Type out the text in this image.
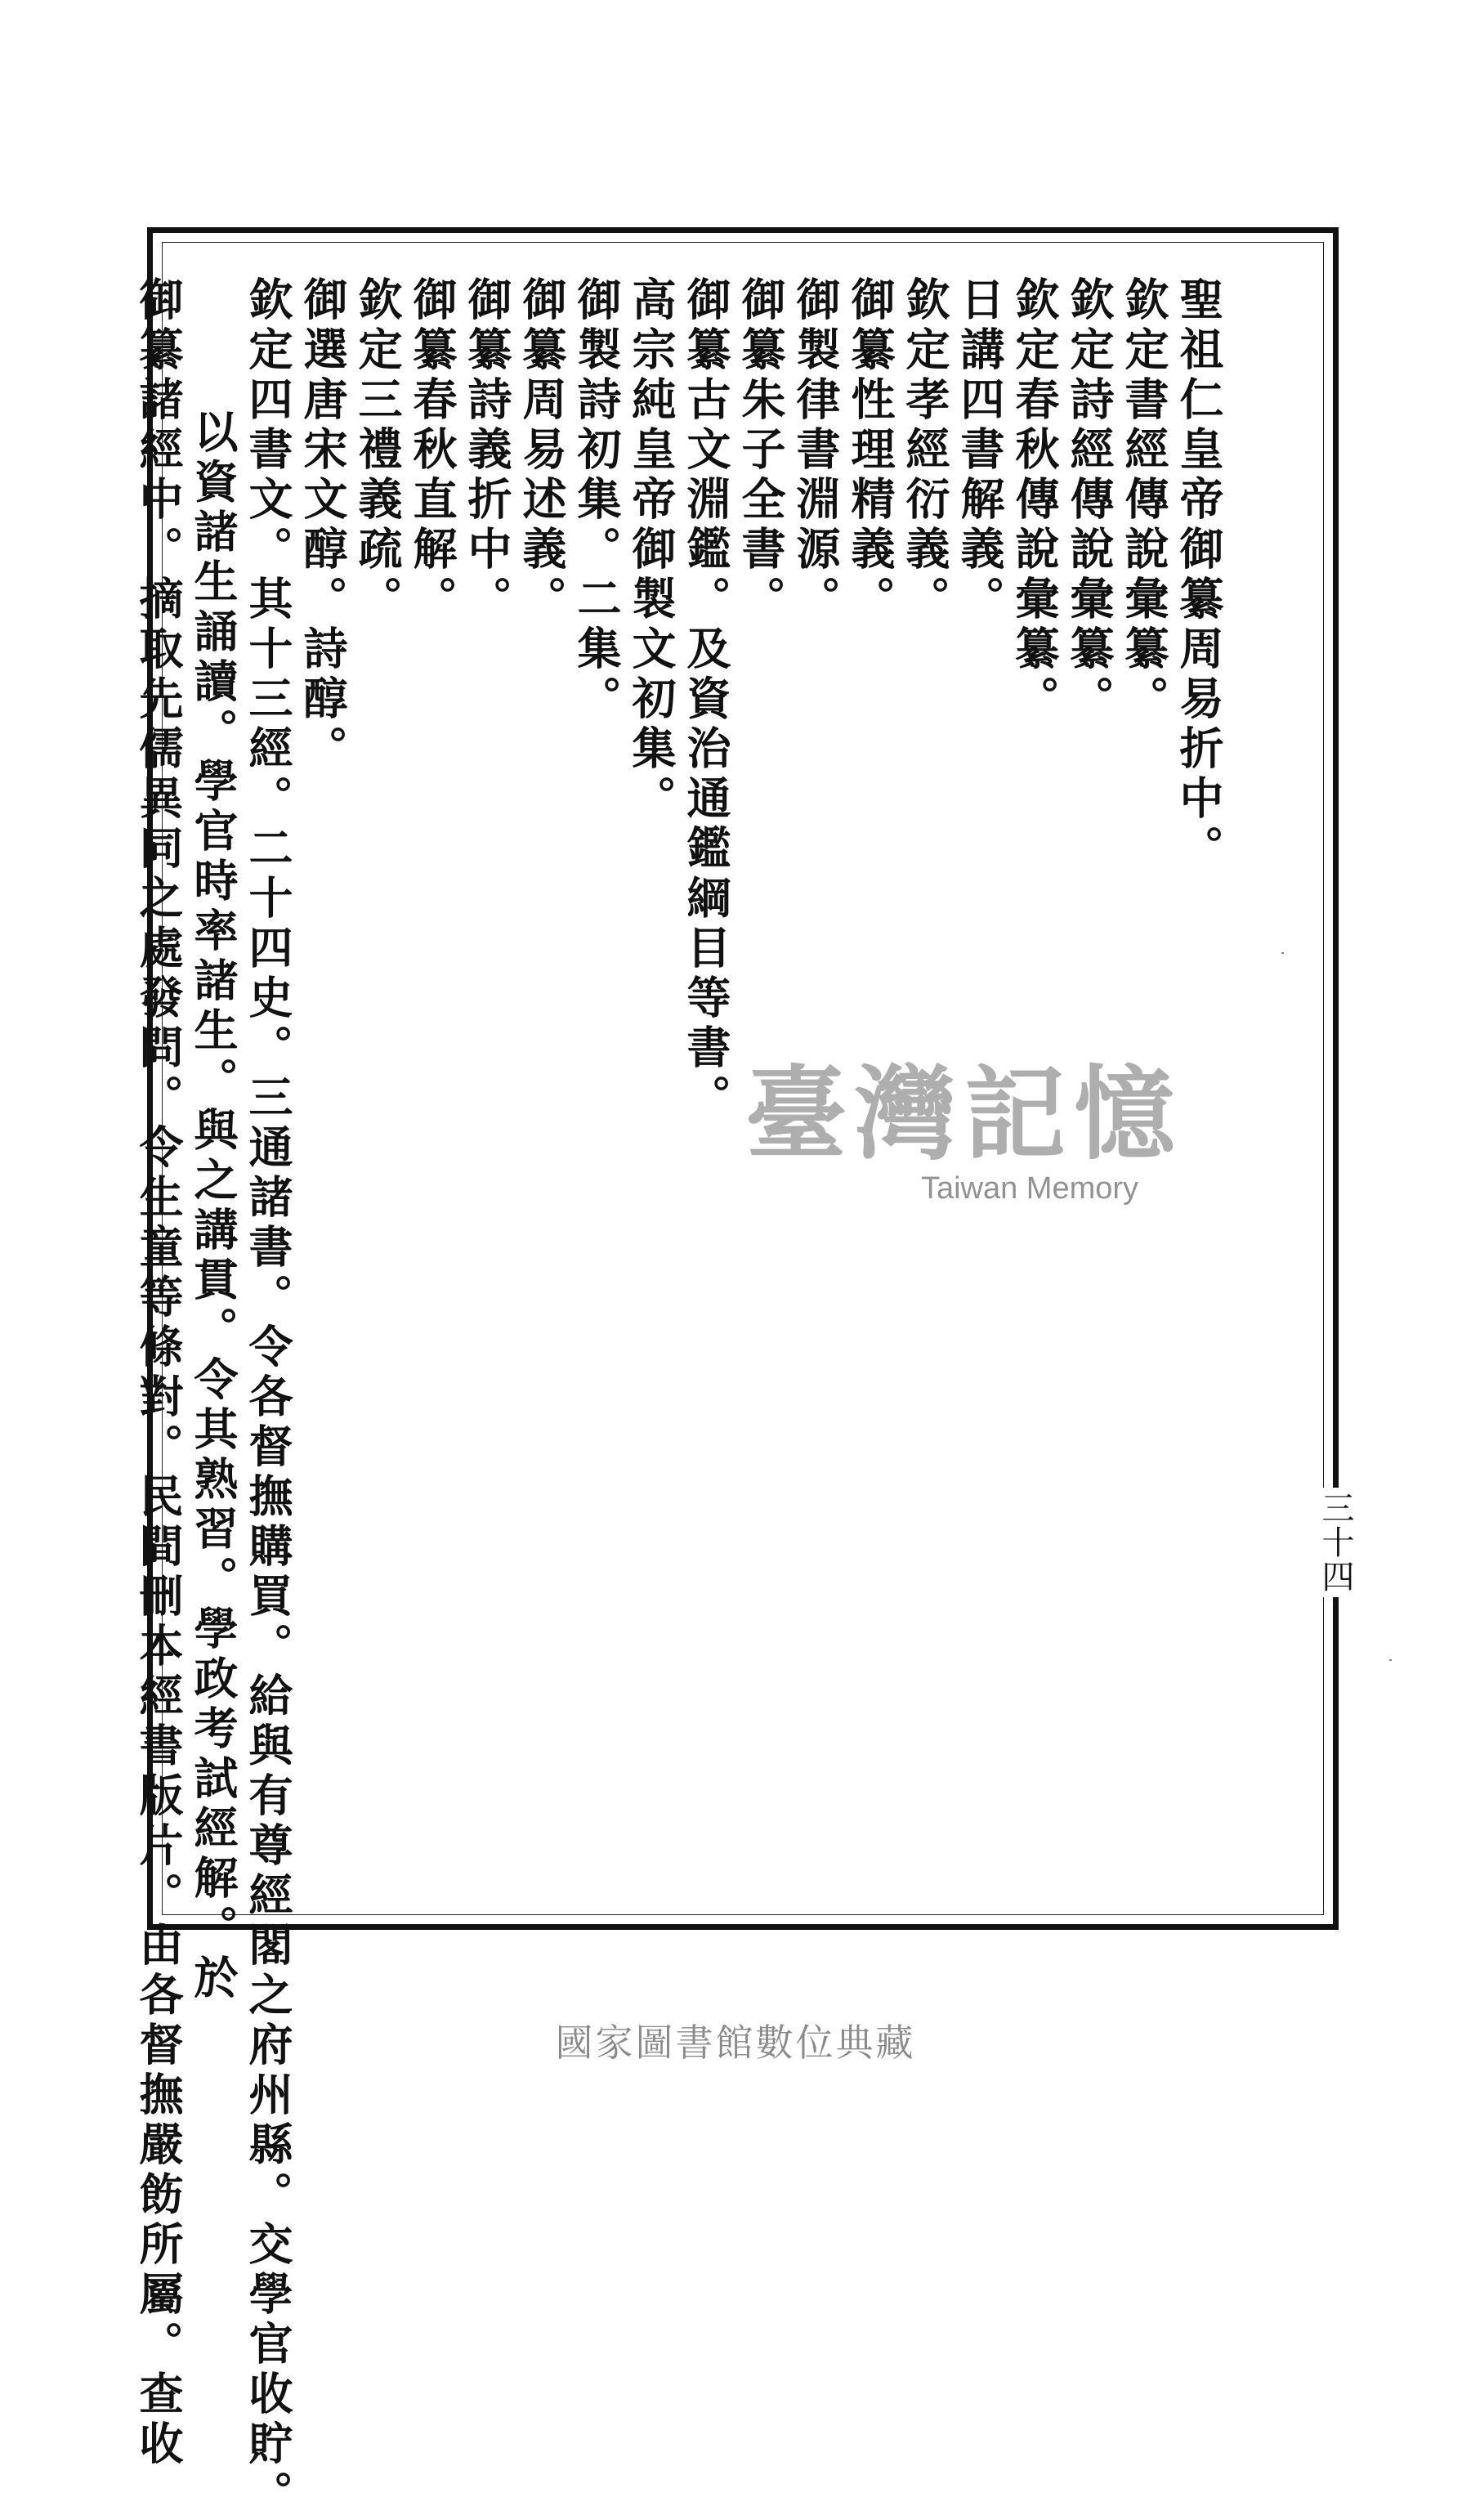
三十四
聖祖仁皇帝御纂周易折中。
欽定書經傳說彙纂。
欽定詩經傳說彙纂。
欽定春秋傳說彙纂。
日講四書解義。
欽定孝經衍義。
御纂性理精義。
御製律書淵源。
御纂朱子全書。
御纂古文淵鑑。及資治通鑑綱目等書。
高宗純皇帝御製文初集。
御製詩初集。二集。
御纂周易述義。
御纂詩義折中。
御纂春秋直解。
欽定三禮義疏。
御選唐宋文醇。詩醇。
欽定四書文。其十三經。二十四史。三通諸書。令各督撫購買。給與有尊經閣之府州縣。交學官收貯。
以資諸生誦讀。學官時率諸生。與之講貫。令其熟習。學政考試經解。於
御纂諸經中。摘取先儒異同之處發問。令生童等條對。民間刪本經書版片。由各督撫嚴飭所屬。查收	臺灣記憶
Taiwan Memory
國家圖書館數位典藏
